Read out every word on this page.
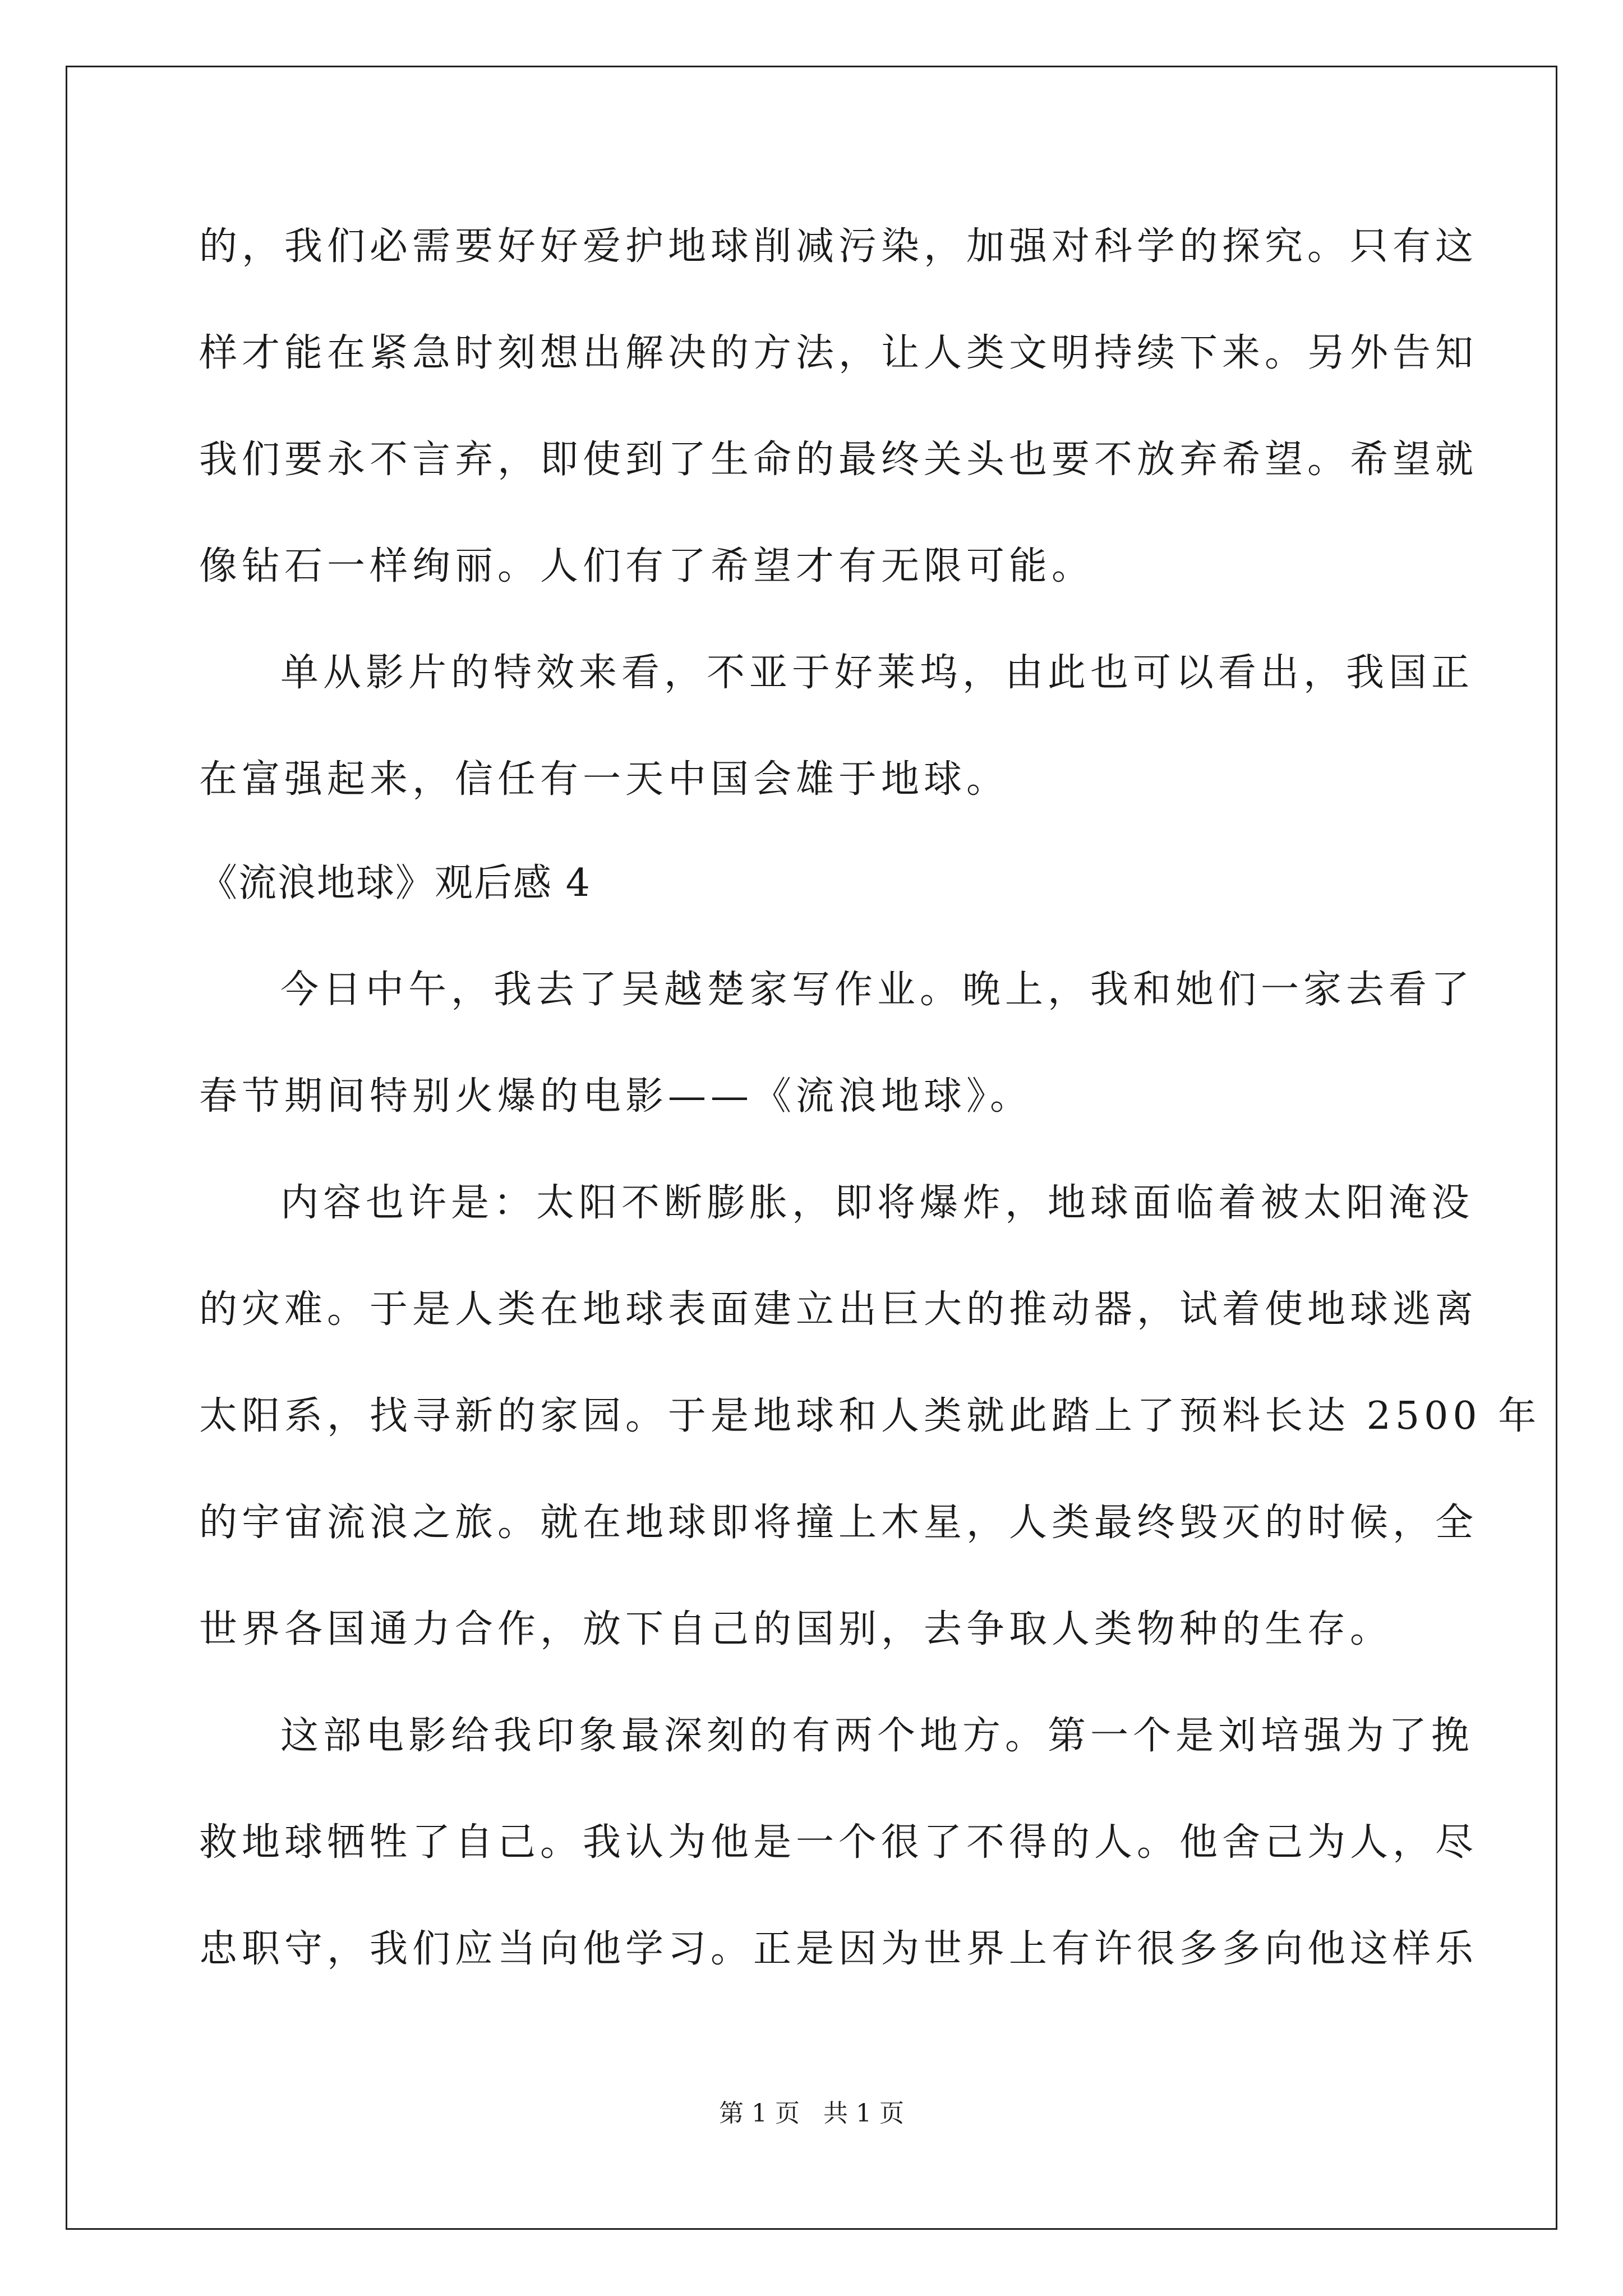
的，我们必需要好好爱护地球削减污染，加强对科学的探究。只有这
样才能在紧急时刻想出解决的方法，让人类文明持续下来。另外告知
我们要永不言弃，即使到了生命的最终关头也要不放弃希望。希望就
像钻石一样绚丽。人们有了希望才有无限可能。
单从影片的特效来看，不亚于好莱坞，由此也可以看出，我国正
在富强起来，信任有一天中国会雄于地球。
《流浪地球》观后感 4
今日中午，我去了吴越楚家写作业。晚上，我和她们一家去看了
春节期间特别火爆的电影——《流浪地球》。
内容也许是：太阳不断膨胀，即将爆炸，地球面临着被太阳淹没
的灾难。于是人类在地球表面建立出巨大的推动器，试着使地球逃离
太阳系，找寻新的家园。于是地球和人类就此踏上了预料长达 2500 年
的宇宙流浪之旅。就在地球即将撞上木星，人类最终毁灭的时候，全
世界各国通力合作，放下自己的国别，去争取人类物种的生存。
这部电影给我印象最深刻的有两个地方。第一个是刘培强为了挽
救地球牺牲了自己。我认为他是一个很了不得的人。他舍己为人，尽
忠职守，我们应当向他学习。正是因为世界上有许很多多向他这样乐
第 1 页   共 1 页
